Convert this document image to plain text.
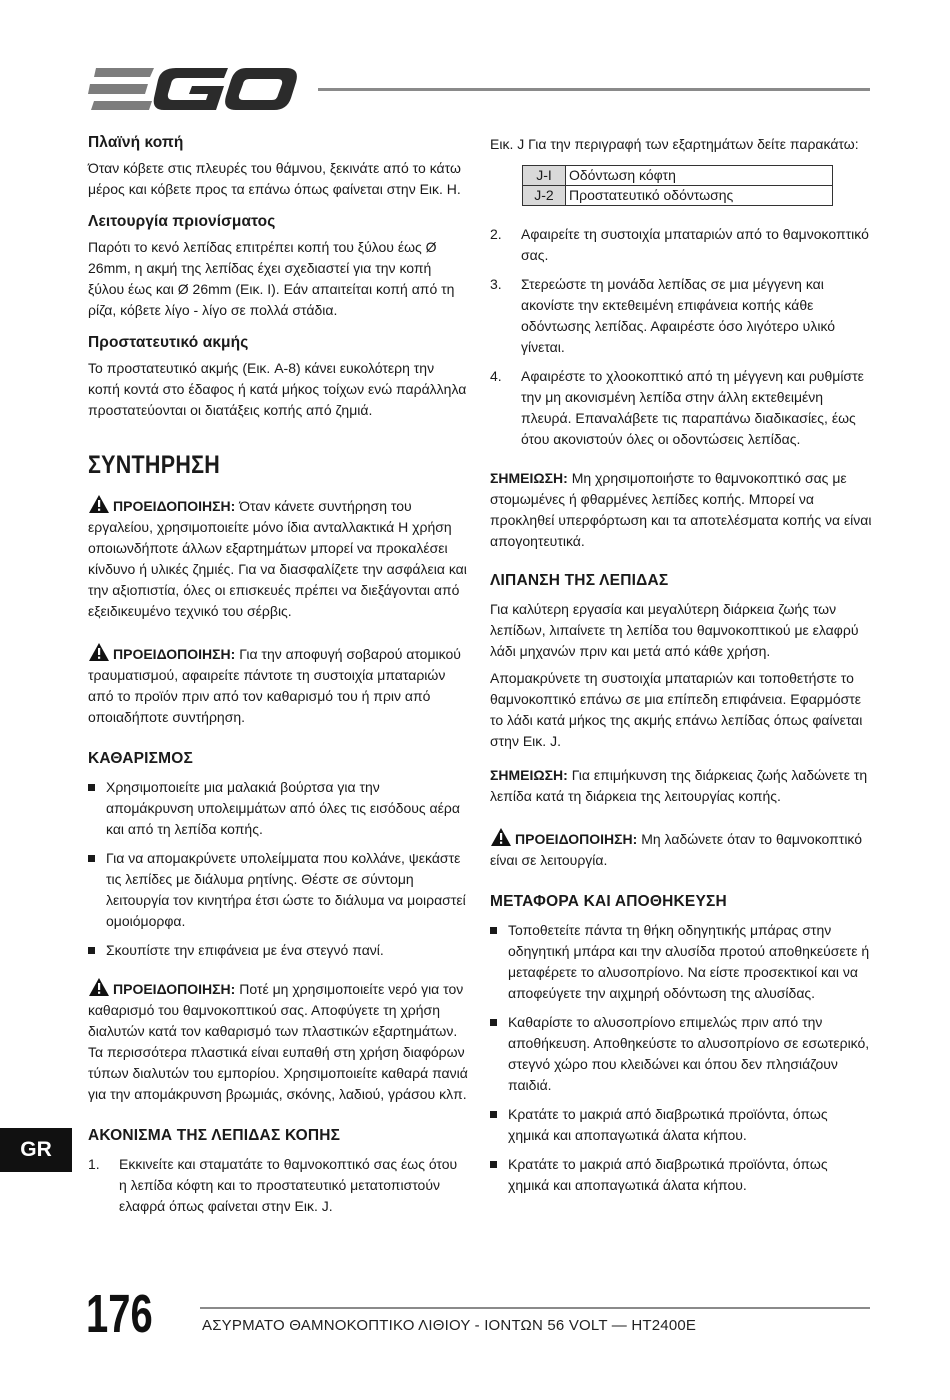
Πλαϊνή κοπή

Όταν κόβετε στις πλευρές του θάμνου, ξεκινάτε από το κάτω μέρος και κόβετε προς τα επάνω όπως φαίνεται στην Εικ. H.

Λειτουργία πριονίσματος

Παρότι το κενό λεπίδας επιτρέπει κοπή του ξύλου έως Ø 26mm, η ακμή της λεπίδας έχει σχεδιαστεί για την κοπή ξύλου έως και Ø 26mm (Εικ. I). Εάν απαιτείται κοπή από τη ρίζα, κόβετε λίγο - λίγο σε πολλά στάδια.

Προστατευτικό ακμής

Το προστατευτικό ακμής (Εικ. A-8) κάνει ευκολότερη την κοπή κοντά στο έδαφος ή κατά μήκος τοίχων ενώ παράλληλα προστατεύονται οι διατάξεις κοπής από ζημιά.

ΣΥΝΤΗΡΗΣΗ

ΠΡΟΕΙΔΟΠΟΙΗΣΗ: Όταν κάνετε συντήρηση του εργαλείου, χρησιμοποιείτε μόνο ίδια ανταλλακτικά Η χρήση οποιωνδήποτε άλλων εξαρτημάτων μπορεί να προκαλέσει κίνδυνο ή υλικές ζημιές. Για να διασφαλίζετε την ασφάλεια και την αξιοπιστία, όλες οι επισκευές πρέπει να διεξάγονται από εξειδικευμένο τεχνικό του σέρβις.

ΠΡΟΕΙΔΟΠΟΙΗΣΗ: Για την αποφυγή σοβαρού ατομικού τραυματισμού, αφαιρείτε πάντοτε τη συστοιχία μπαταριών από το προϊόν πριν από τον καθαρισμό του ή πριν από οποιαδήποτε συντήρηση.

ΚΑΘΑΡΙΣΜΟΣ
Χρησιμοποιείτε μια μαλακιά βούρτσα για την απομάκρυνση υπολειμμάτων από όλες τις εισόδους αέρα και από τη λεπίδα κοπής.
Για να απομακρύνετε υπολείμματα που κολλάνε, ψεκάστε τις λεπίδες με διάλυμα ρητίνης. Θέστε σε σύντομη λειτουργία τον κινητήρα έτσι ώστε το διάλυμα να μοιραστεί ομοιόμορφα.
Σκουπίστε την επιφάνεια με ένα στεγνό πανί.

ΠΡΟΕΙΔΟΠΟΙΗΣΗ: Ποτέ μη χρησιμοποιείτε νερό για τον καθαρισμό του θαμνοκοπτικού σας. Αποφύγετε τη χρήση διαλυτών κατά τον καθαρισμό των πλαστικών εξαρτημάτων. Τα περισσότερα πλαστικά είναι ευπαθή στη χρήση διαφόρων τύπων διαλυτών του εμπορίου. Χρησιμοποιείτε καθαρά πανιά για την απομάκρυνση βρωμιάς, σκόνης, λαδιού, γράσου κλπ.

ΑΚΟΝΙΣΜΑ ΤΗΣ ΛΕΠΙΔΑΣ ΚΟΠΗΣ
1. Εκκινείτε και σταματάτε το θαμνοκοπτικό σας έως ότου η λεπίδα κόφτη και το προστατευτικό μετατοπιστούν ελαφρά όπως φαίνεται στην Εικ. J.

Εικ. J Για την περιγραφή των εξαρτημάτων δείτε παρακάτω:

J-I	Οδόντωση κόφτη
J-2	Προστατευτικό οδόντωσης
2. Αφαιρείτε τη συστοιχία μπαταριών από το θαμνοκοπτικό σας.
3. Στερεώστε τη μονάδα λεπίδας σε μια μέγγενη και ακονίστε την εκτεθειμένη επιφάνεια κοπής κάθε οδόντωσης λεπίδας. Αφαιρέστε όσο λιγότερο υλικό γίνεται.
4. Αφαιρέστε το χλοοκοπτικό από τη μέγγενη και ρυθμίστε την μη ακονισμένη λεπίδα στην άλλη εκτεθειμένη πλευρά. Επαναλάβετε τις παραπάνω διαδικασίες, έως ότου ακονιστούν όλες οι οδοντώσεις λεπίδας.

ΣΗΜΕΙΩΣΗ: Μη χρησιμοποιήστε το θαμνοκοπτικό σας με στομωμένες ή φθαρμένες λεπίδες κοπής. Μπορεί να προκληθεί υπερφόρτωση και τα αποτελέσματα κοπής να είναι απογοητευτικά.

ΛΙΠΑΝΣΗ ΤΗΣ ΛΕΠΙΔΑΣ

Για καλύτερη εργασία και μεγαλύτερη διάρκεια ζωής των λεπίδων, λιπαίνετε τη λεπίδα του θαμνοκοπτικού με ελαφρύ λάδι μηχανών πριν και μετά από κάθε χρήση.

Απομακρύνετε τη συστοιχία μπαταριών και τοποθετήστε το θαμνοκοπτικό επάνω σε μια επίπεδη επιφάνεια. Εφαρμόστε το λάδι κατά μήκος της ακμής επάνω λεπίδας όπως φαίνεται στην Εικ. J.

ΣΗΜΕΙΩΣΗ: Για επιμήκυνση της διάρκειας ζωής λαδώνετε τη λεπίδα κατά τη διάρκεια της λειτουργίας κοπής.

ΠΡΟΕΙΔΟΠΟΙΗΣΗ: Μη λαδώνετε όταν το θαμνοκοπτικό είναι σε λειτουργία.

ΜΕΤΑΦΟΡΑ ΚΑΙ ΑΠΟΘΗΚΕΥΣΗ
Τοποθετείτε πάντα τη θήκη οδηγητικής μπάρας στην οδηγητική μπάρα και την αλυσίδα προτού αποθηκεύσετε ή μεταφέρετε το αλυσοπρίονο. Να είστε προσεκτικοί και να αποφεύγετε την αιχμηρή οδόντωση της αλυσίδας.
Καθαρίστε το αλυσοπρίονο επιμελώς πριν από την αποθήκευση. Αποθηκεύστε το αλυσοπρίονο σε εσωτερικό, στεγνό χώρο που κλειδώνει και όπου δεν πλησιάζουν παιδιά.
Κρατάτε το μακριά από διαβρωτικά προϊόντα, όπως χημικά και αποπαγωτικά άλατα κήπου.
Κρατάτε το μακριά από διαβρωτικά προϊόντα, όπως χημικά και αποπαγωτικά άλατα κήπου.
GR
176	ΑΣΥΡΜΑΤΟ ΘΑΜΝΟΚΟΠΤΙΚΟ ΛΙΘΙΟΥ - ΙΟΝΤΩΝ 56 VOLT — HT2400E
